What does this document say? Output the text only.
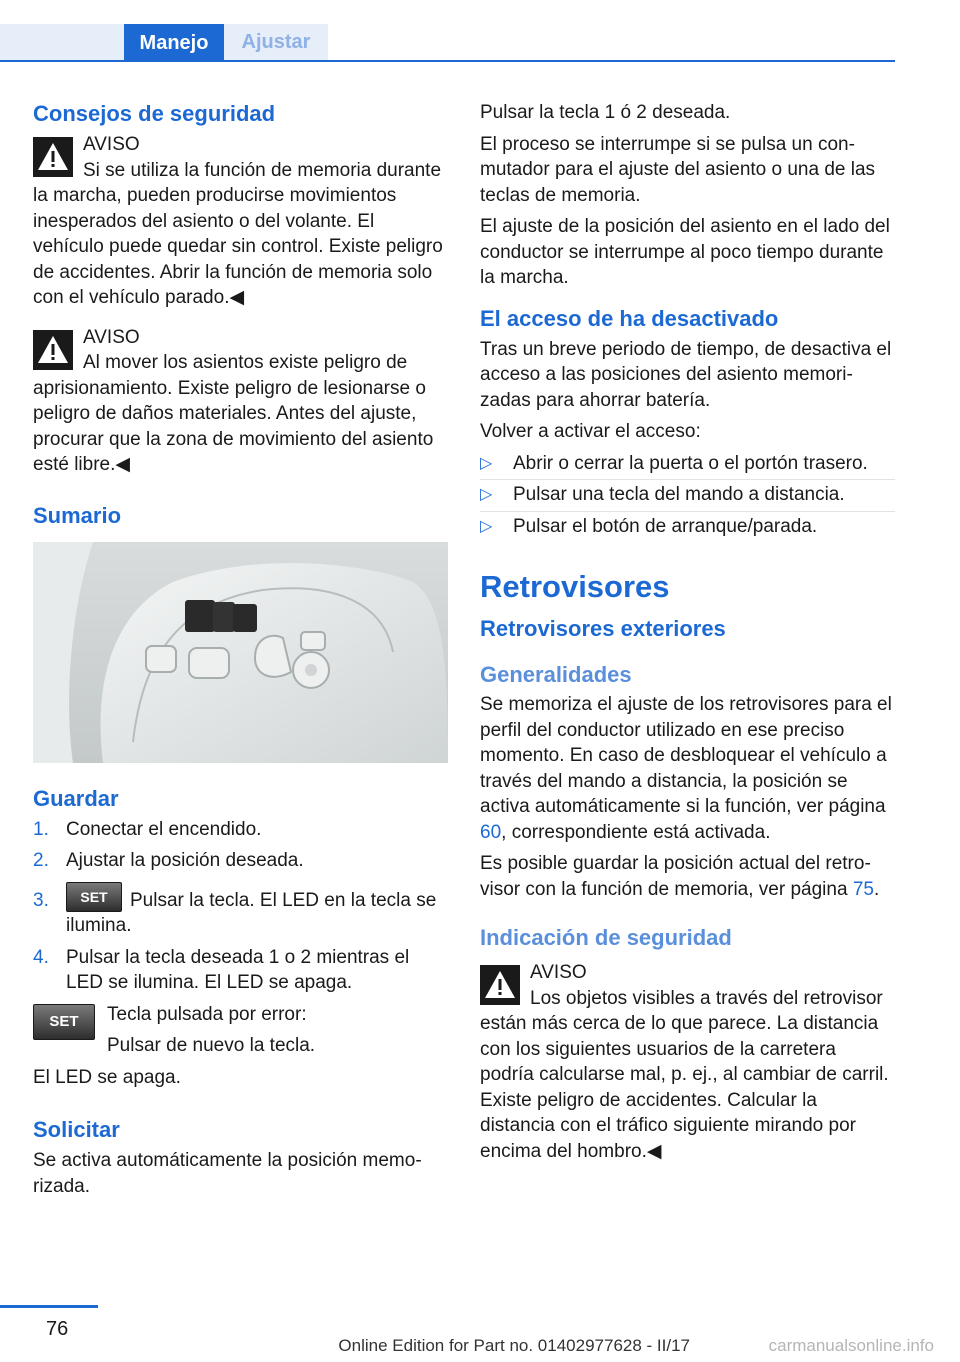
Manejo	Ajustar
Consejos de seguridad
AVISO
Si se utiliza la función de memoria durante la marcha, pueden producirse movimientos inesperados del asiento o del volante. El vehículo puede quedar sin control. Existe peligro de accidentes. Abrir la función de memoria solo con el vehículo parado.◀
AVISO
Al mover los asientos existe peligro de aprisionamiento. Existe peligro de lesionarse o peligro de daños materiales. Antes del ajuste, procurar que la zona de movimiento del asiento esté libre.◀
Sumario
Guardar
1. Conectar el encendido.
2. Ajustar la posición deseada.
3. SET Pulsar la tecla. El LED en la tecla se ilumina.
4. Pulsar la tecla deseada 1 o 2 mientras el LED se ilumina. El LED se apaga.
SET	Tecla pulsada por error:

Pulsar de nuevo la tecla.

El LED se apaga.

Solicitar

Se activa automáticamente la posición memorizada.

Pulsar la tecla 1 ó 2 deseada.

El proceso se interrumpe si se pulsa un conmutador para el ajuste del asiento o una de las teclas de memoria.

El ajuste de la posición del asiento en el lado del conductor se interrumpe al poco tiempo durante la marcha.

El acceso de ha desactivado

Tras un breve periodo de tiempo, de desactiva el acceso a las posiciones del asiento memorizadas para ahorrar batería.

Volver a activar el acceso:

▷ Abrir o cerrar la puerta o el portón trasero.
▷ Pulsar una tecla del mando a distancia.
▷ Pulsar el botón de arranque/parada.
Retrovisores
Retrovisores exteriores
Generalidades

Se memoriza el ajuste de los retrovisores para el perfil del conductor utilizado en ese preciso momento. En caso de desbloquear el vehículo a través del mando a distancia, la posición se activa automáticamente si la función, ver página 60, correspondiente está activada.

Es posible guardar la posición actual del retrovisor con la función de memoria, ver página 75.

Indicación de seguridad
AVISO
Los objetos visibles a través del retrovisor están más cerca de lo que parece. La distancia con los siguientes usuarios de la carretera podría calcularse mal, p. ej., al cambiar de carril. Existe peligro de accidentes. Calcular la distancia con el tráfico siguiente mirando por encima del hombro.◀
76
Online Edition for Part no. 01402977628 - II/17	carmanualsonline.info
